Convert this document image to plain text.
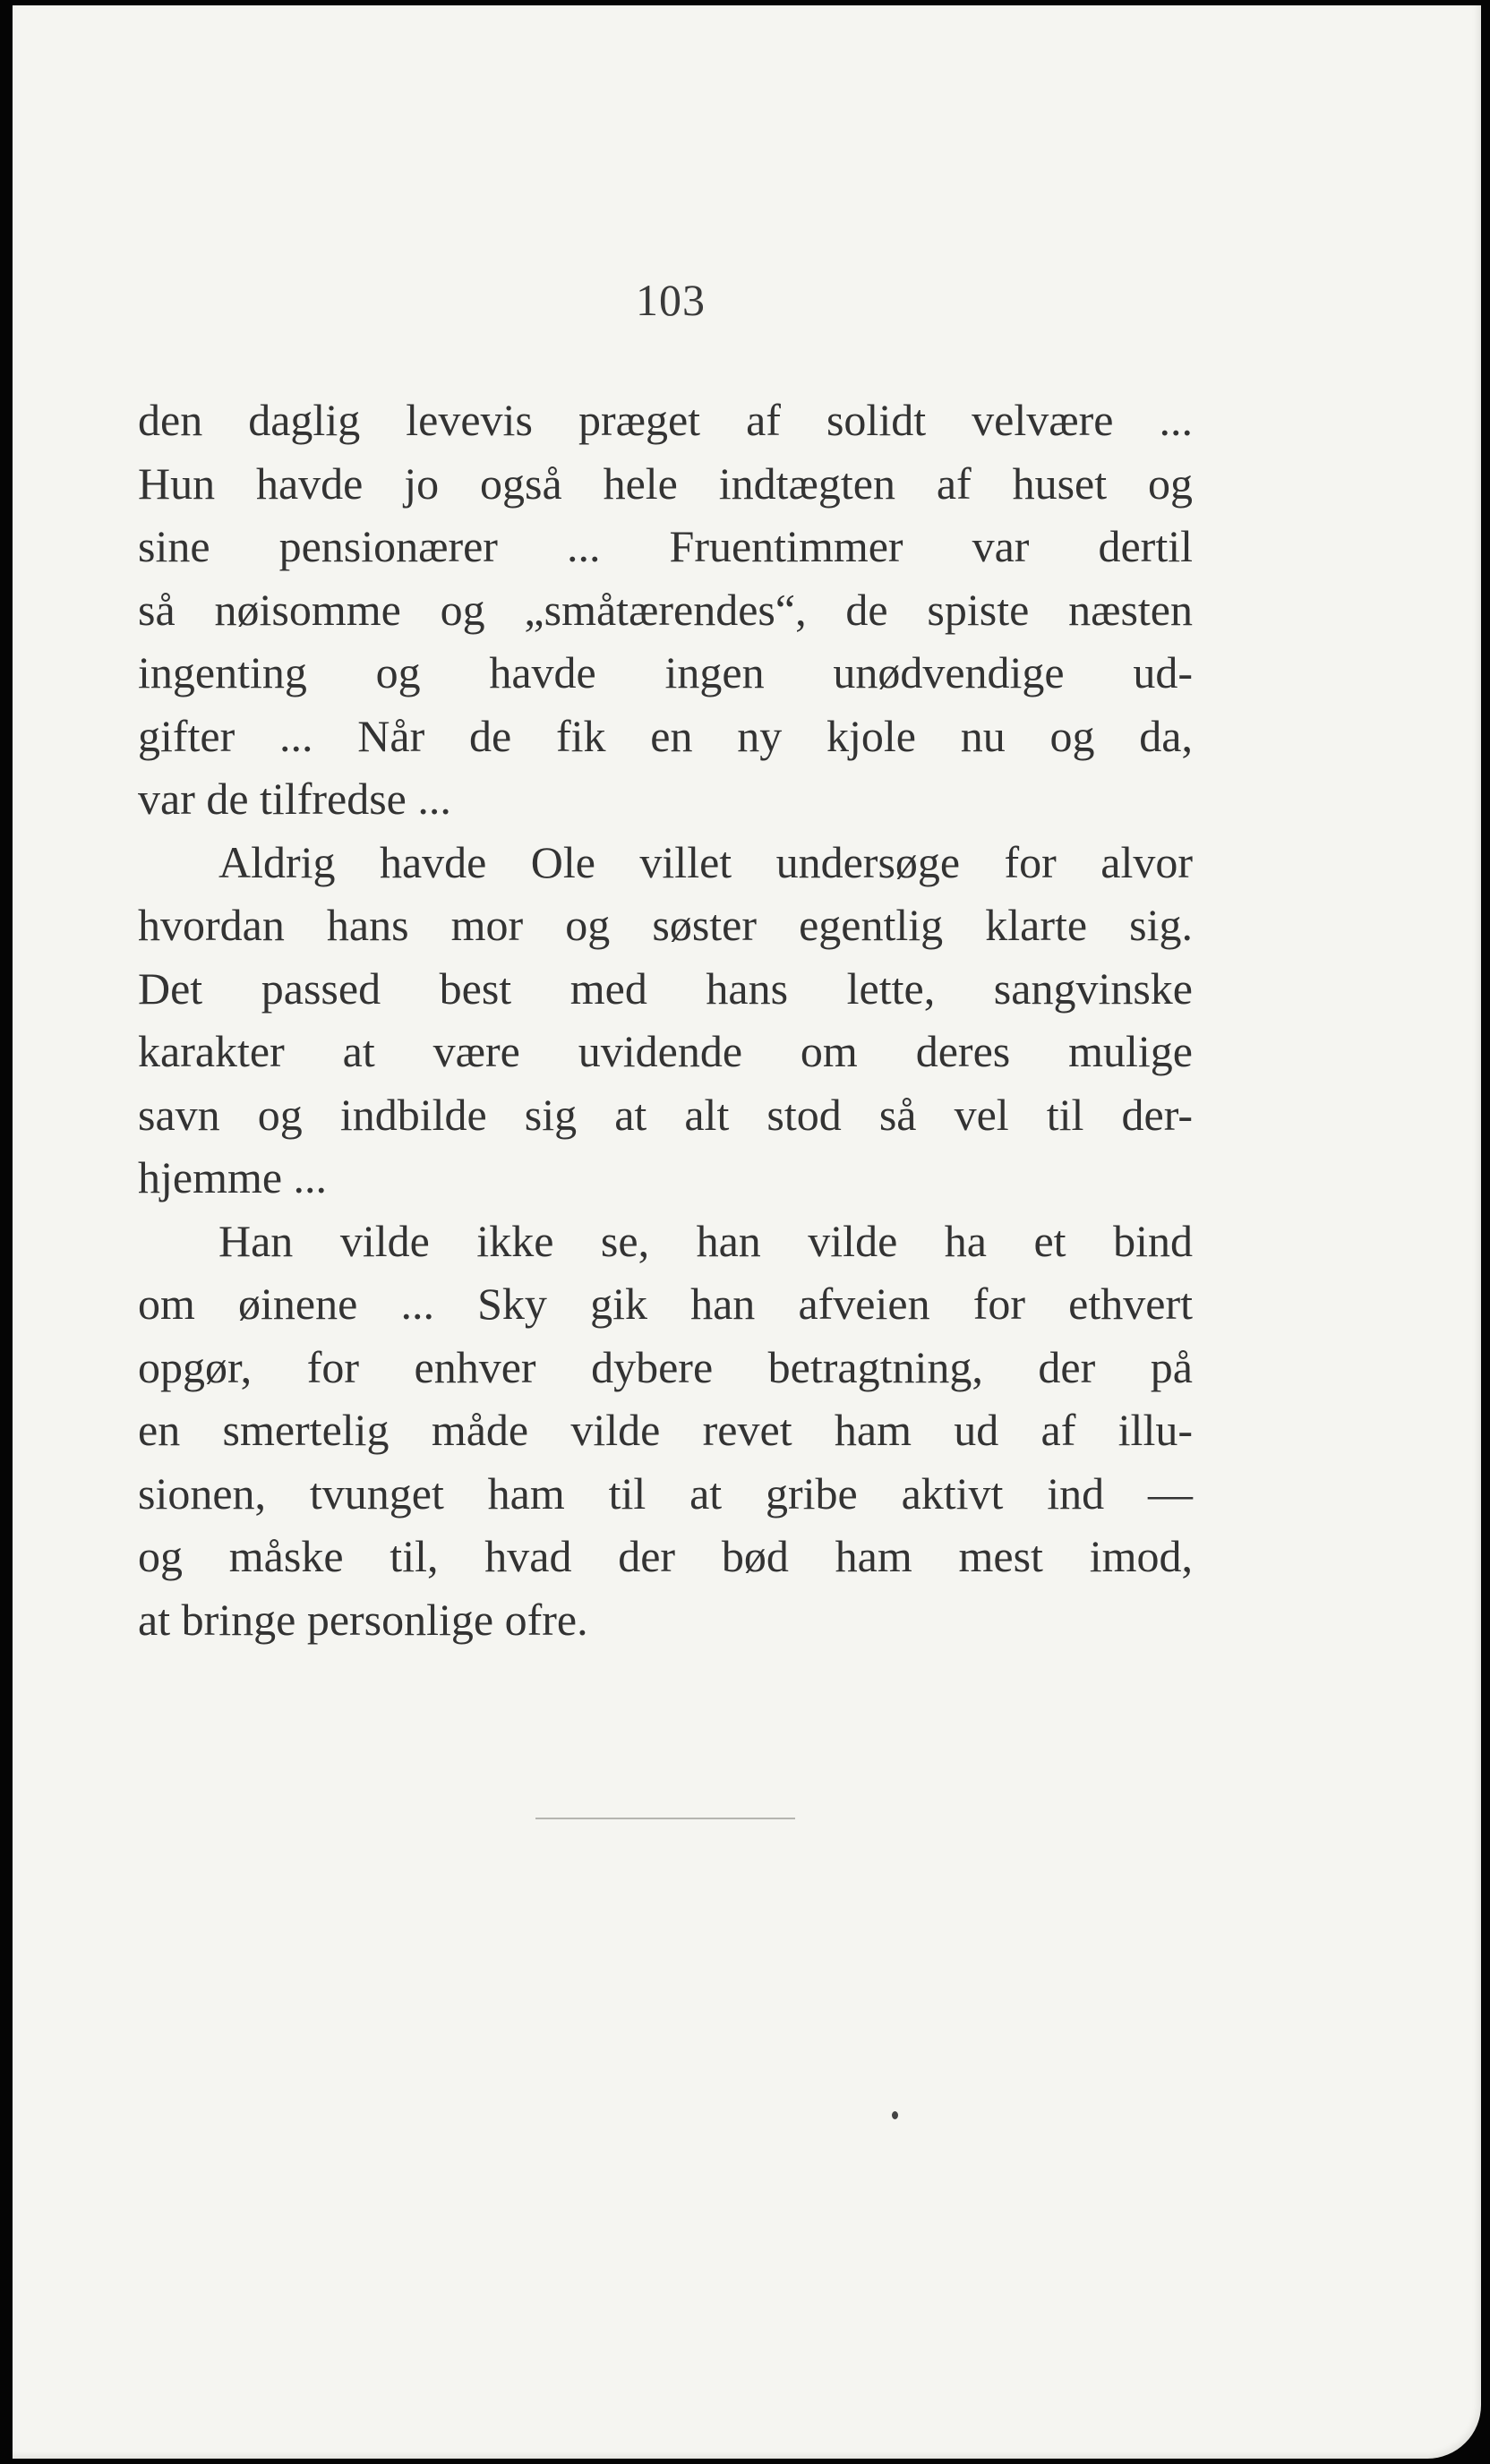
103
den daglig levevis præget af solidt velvære ...
Hun havde jo også hele indtægten af huset og
sine pensionærer ... Fruentimmer var dertil
så nøisomme og „småtærendes“, de spiste næsten
ingenting og havde ingen unødvendige ud-
gifter ... Når de fik en ny kjole nu og da,
var de tilfredse ...
Aldrig havde Ole villet undersøge for alvor
hvordan hans mor og søster egentlig klarte sig.
Det passed best med hans lette, sangvinske
karakter at være uvidende om deres mulige
savn og indbilde sig at alt stod så vel til der-
hjemme ...
Han vilde ikke se, han vilde ha et bind
om øinene ... Sky gik han afveien for ethvert
opgør, for enhver dybere betragtning, der på
en smertelig måde vilde revet ham ud af illu-
sionen, tvunget ham til at gribe aktivt ind —
og måske til, hvad der bød ham mest imod,
at bringe personlige ofre.
